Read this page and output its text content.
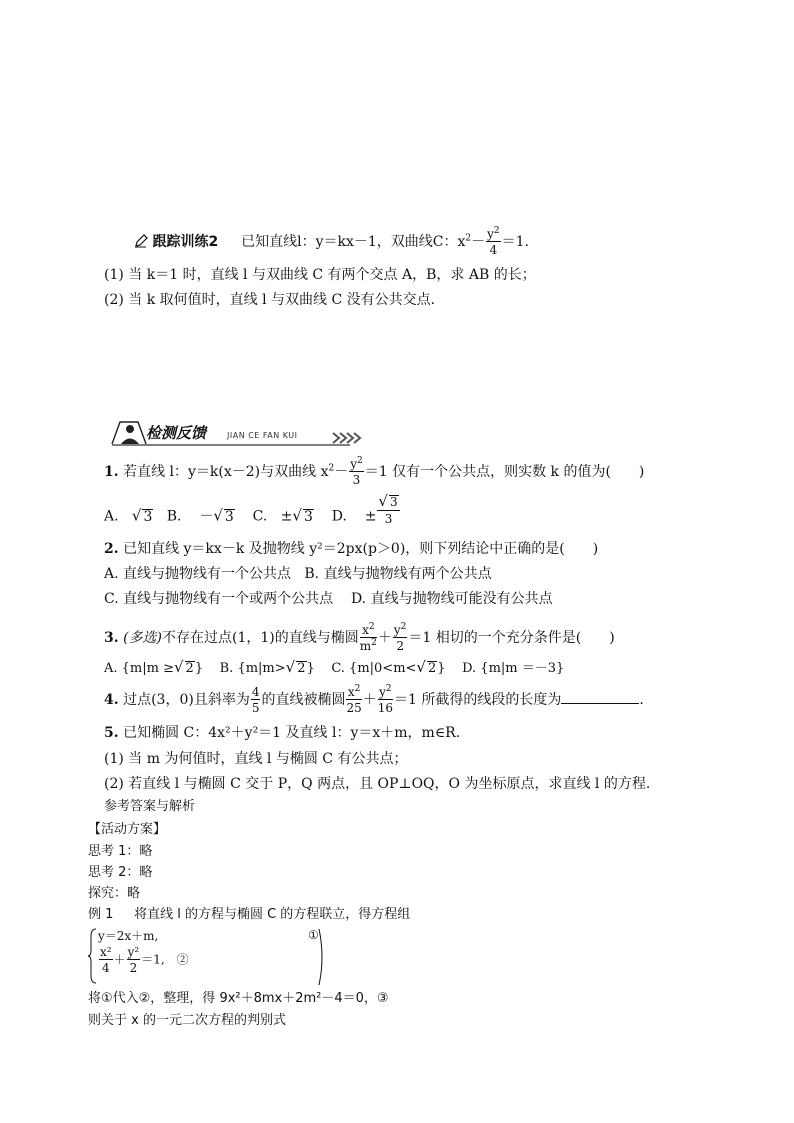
跟踪训练2 已知直线l：y＝kx－1，双曲线C：$x^2- \frac{y^2}{4} =1$.
(1) 当 k＝1 时，直线 l 与双曲线 C 有两个交点 A，B，求 AB 的长；
(2) 当 k 取何值时，直线 l 与双曲线 C 没有公共交点.
检测反馈	JIAN CE FAN KUI
1. 若直线 l：y＝k(x－2)与双曲线 $x^2- \frac{y^2}{3} =1$ 仅有一个公共点，则实数 k 的值为(　　)
A. √ 3 B. －√ 3 C. ±√ 3 D. ± $\frac{√ 3}{3}$
2. 已知直线 y＝kx－k 及抛物线 y²＝2px(p＞0)，则下列结论中正确的是(　　)
A. 直线与抛物线有一个公共点 B. 直线与抛物线有两个公共点
C. 直线与抛物线有一个或两个公共点 D. 直线与抛物线可能没有公共点
3. (多选)不存在过点(1，1)的直线与椭圆 $\frac{x^2}{m^2} + \frac{y^2}{2} =1$ 相切的一个充分条件是(　　)
A. {m|m ≥√ 2} B. {m|m>√ 2} C. {m|0<m<√ 2} D. {m|m ＝－3}
4. 过点(3，0)且斜率为 $\frac{4}{5}$ 的直线被椭圆 $\frac{x^2}{25} + \frac{y^2}{16} =1$ 所截得的线段的长度为	.
5. 已知椭圆 C：4x²＋y²＝1 及直线 l：y＝x＋m，m∈R.
(1) 当 m 为何值时，直线 l 与椭圆 C 有公共点；
(2) 若直线 l 与椭圆 C 交于 P，Q 两点，且 OP⊥OQ，O 为坐标原点，求直线 l 的方程.
参考答案与解析
【活动方案】
思考 1：略
思考 2：略
探究：略
例 1 将直线 l 的方程与椭圆 C 的方程联立，得方程组
y＝2x＋m,	①
$\frac{\text{x²}}{4} + \frac{\text{y²}}{2} =1$,　②
将①代入②，整理，得 9x²＋8mx＋2m²－4＝0，③
则关于 x 的一元二次方程的判别式
